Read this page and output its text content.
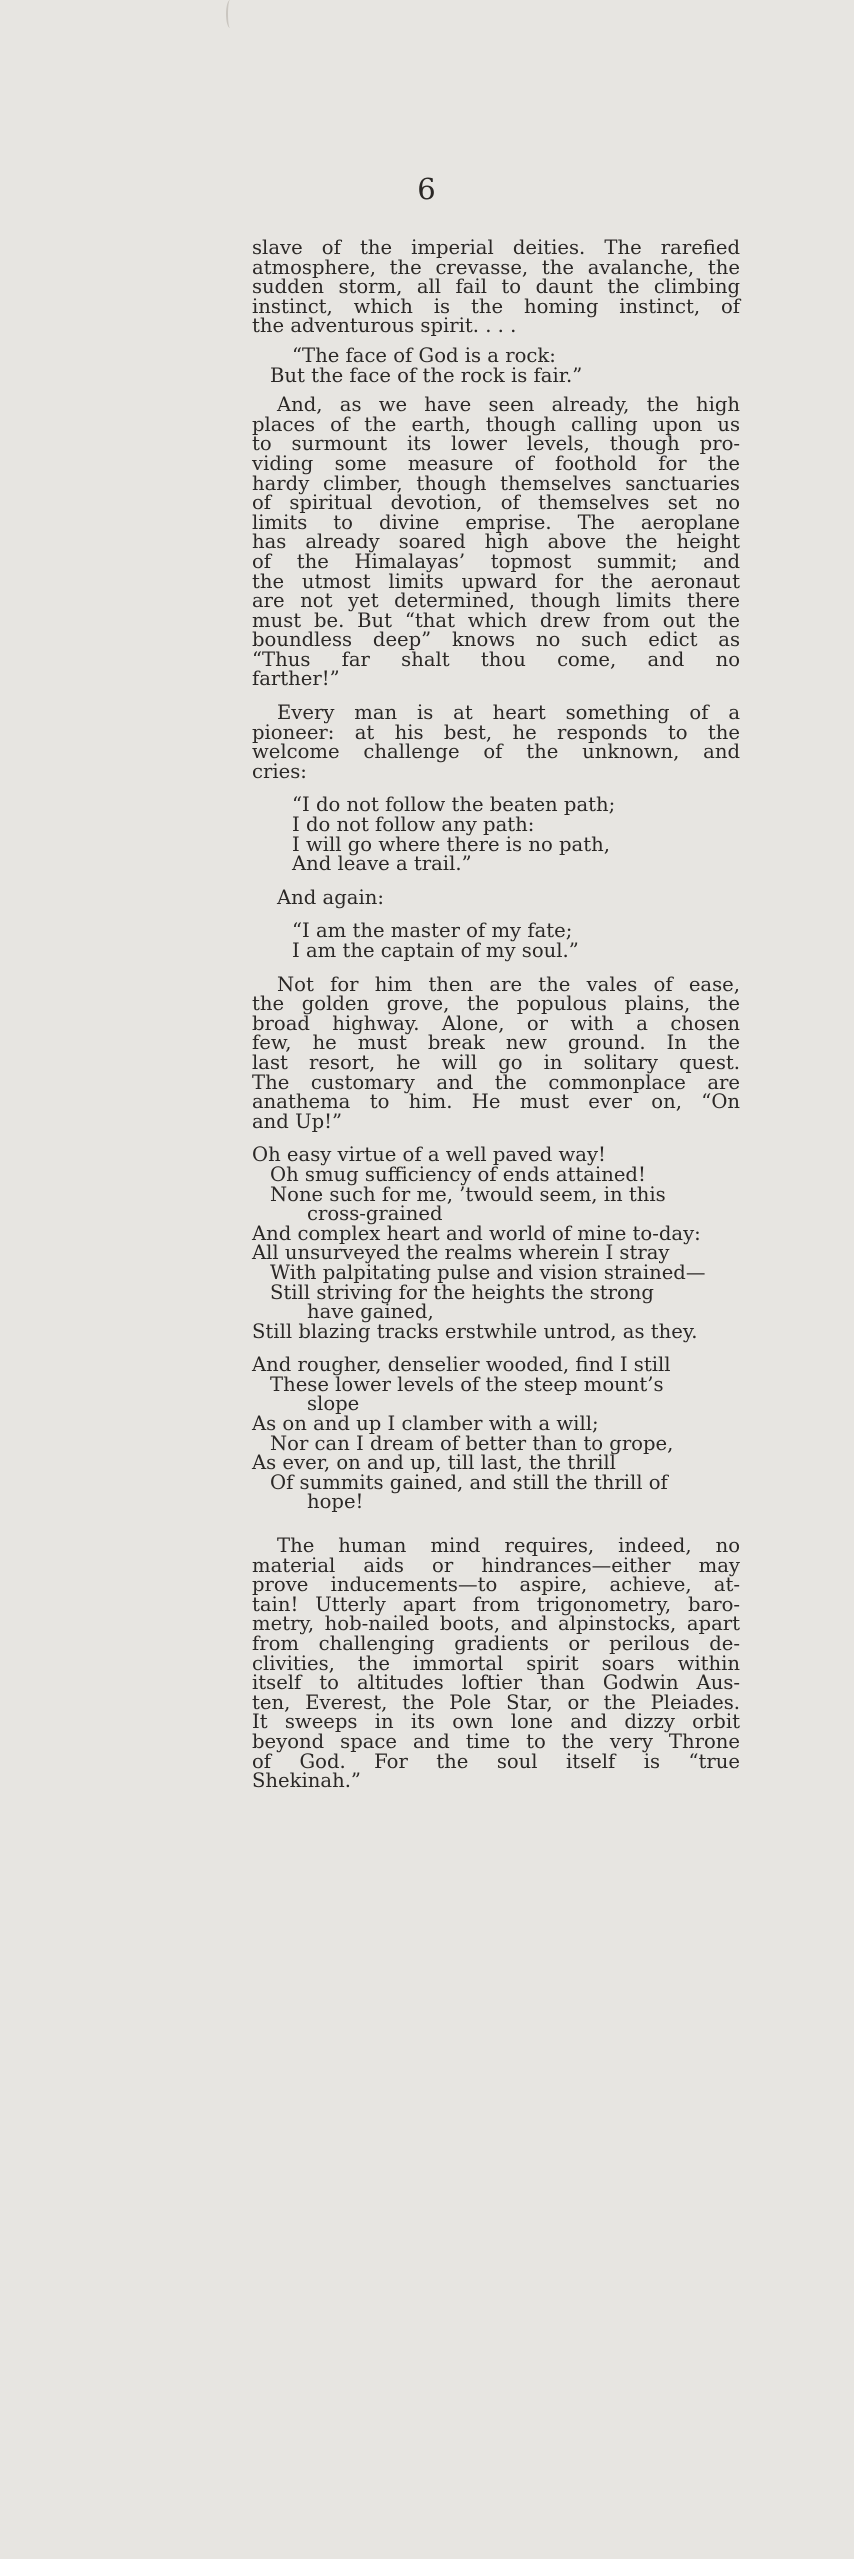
6

slave of the imperial deities. The rarefied

atmosphere, the crevasse, the avalanche, the

sudden storm, all fail to daunt the climbing

instinct, which is the homing instinct, of

the adventurous spirit. . . .

“The face of God is a rock:

But the face of the rock is fair.”

And, as we have seen already, the high

places of the earth, though calling upon us

to surmount its lower levels, though pro-

viding some measure of foothold for the

hardy climber, though themselves sanctuaries

of spiritual devotion, of themselves set no

limits to divine emprise. The aeroplane

has already soared high above the height

of the Himalayas’ topmost summit; and

the utmost limits upward for the aeronaut

are not yet determined, though limits there

must be. But “that which drew from out the

boundless deep” knows no such edict as

“Thus far shalt thou come, and no

farther!”

Every man is at heart something of a

pioneer: at his best, he responds to the

welcome challenge of the unknown, and

cries:

“I do not follow the beaten path;

I do not follow any path:

I will go where there is no path,

And leave a trail.”

And again:

“I am the master of my fate;

I am the captain of my soul.”

Not for him then are the vales of ease,

the golden grove, the populous plains, the

broad highway. Alone, or with a chosen

few, he must break new ground. In the

last resort, he will go in solitary quest.

The customary and the commonplace are

anathema to him. He must ever on, “On

and Up!”

Oh easy virtue of a well paved way!

Oh smug sufficiency of ends attained!

None such for me, ’twould seem, in this

cross-grained

And complex heart and world of mine to-day:

All unsurveyed the realms wherein I stray

With palpitating pulse and vision strained—

Still striving for the heights the strong

have gained,

Still blazing tracks erstwhile untrod, as they.

And rougher, denselier wooded, find I still

These lower levels of the steep mount’s

slope

As on and up I clamber with a will;

Nor can I dream of better than to grope,

As ever, on and up, till last, the thrill

Of summits gained, and still the thrill of

hope!

The human mind requires, indeed, no

material aids or hindrances—either may

prove inducements—to aspire, achieve, at-

tain! Utterly apart from trigonometry, baro-

metry, hob-nailed boots, and alpinstocks, apart

from challenging gradients or perilous de-

clivities, the immortal spirit soars within

itself to altitudes loftier than Godwin Aus-

ten, Everest, the Pole Star, or the Pleiades.

It sweeps in its own lone and dizzy orbit

beyond space and time to the very Throne

of God. For the soul itself is “true

Shekinah.”
